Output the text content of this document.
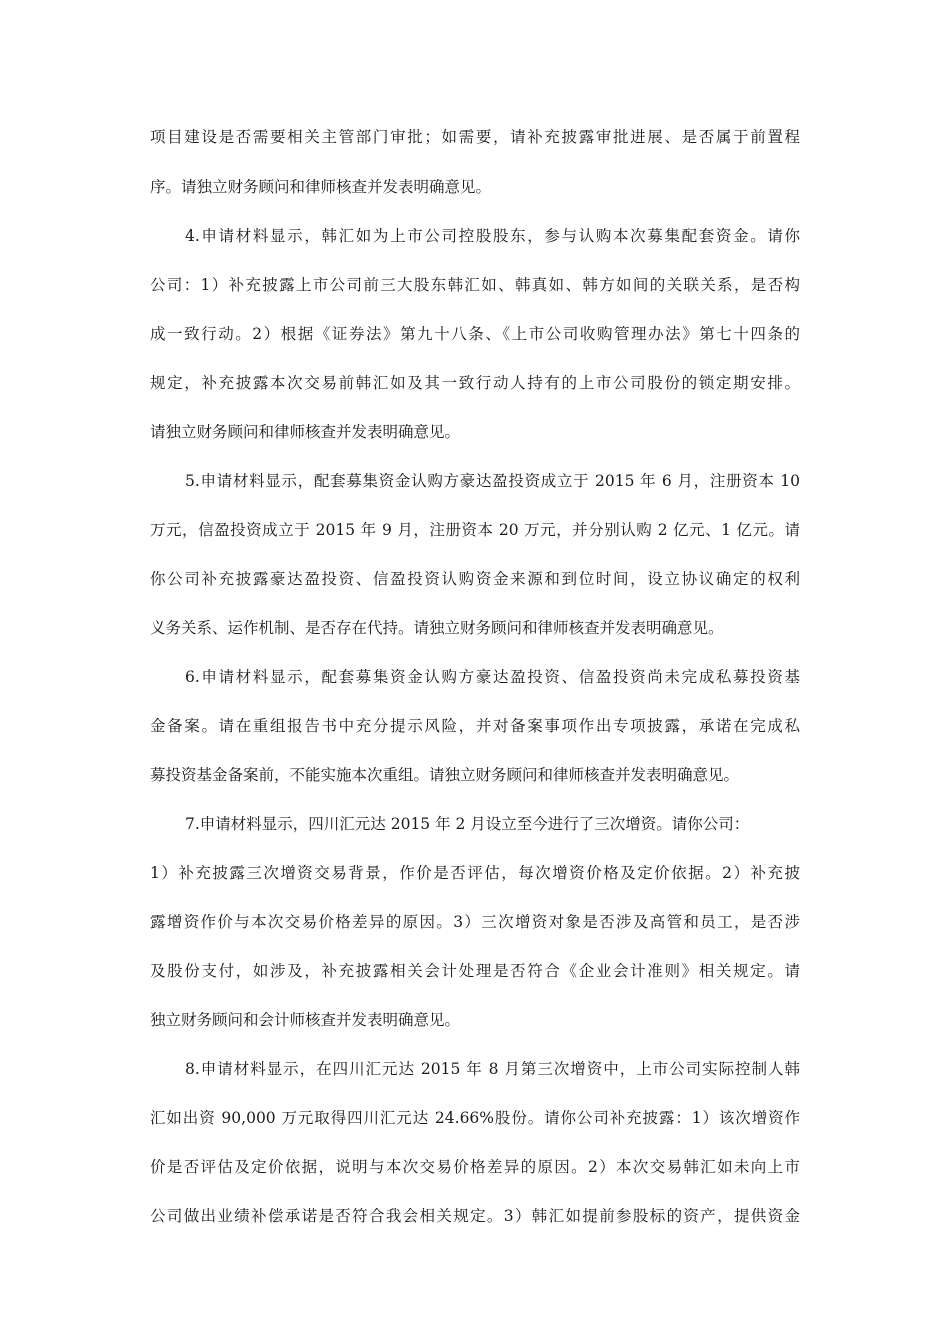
项目建设是否需要相关主管部门审批；如需要，请补充披露审批进展、是否属于前置程
序。请独立财务顾问和律师核查并发表明确意见。
4.申请材料显示，韩汇如为上市公司控股股东，参与认购本次募集配套资金。请你
公司：1）补充披露上市公司前三大股东韩汇如、韩真如、韩方如间的关联关系，是否构
成一致行动。2）根据《证券法》第九十八条、《上市公司收购管理办法》第七十四条的
规定，补充披露本次交易前韩汇如及其一致行动人持有的上市公司股份的锁定期安排。
请独立财务顾问和律师核查并发表明确意见。
5.申请材料显示，配套募集资金认购方豪达盈投资成立于 2015 年 6 月，注册资本 10
万元，信盈投资成立于 2015 年 9 月，注册资本 20 万元，并分别认购 2 亿元、1 亿元。请
你公司补充披露豪达盈投资、信盈投资认购资金来源和到位时间，设立协议确定的权利
义务关系、运作机制、是否存在代持。请独立财务顾问和律师核查并发表明确意见。
6.申请材料显示，配套募集资金认购方豪达盈投资、信盈投资尚未完成私募投资基
金备案。请在重组报告书中充分提示风险，并对备案事项作出专项披露，承诺在完成私
募投资基金备案前，不能实施本次重组。请独立财务顾问和律师核查并发表明确意见。
7.申请材料显示，四川汇元达 2015 年 2 月设立至今进行了三次增资。请你公司：
1）补充披露三次增资交易背景，作价是否评估，每次增资价格及定价依据。2）补充披
露增资作价与本次交易价格差异的原因。3）三次增资对象是否涉及高管和员工，是否涉
及股份支付，如涉及，补充披露相关会计处理是否符合《企业会计准则》相关规定。请
独立财务顾问和会计师核查并发表明确意见。
8.申请材料显示，在四川汇元达 2015 年 8 月第三次增资中，上市公司实际控制人韩
汇如出资 90,000 万元取得四川汇元达 24.66%股份。请你公司补充披露：1）该次增资作
价是否评估及定价依据，说明与本次交易价格差异的原因。2）本次交易韩汇如未向上市
公司做出业绩补偿承诺是否符合我会相关规定。3）韩汇如提前参股标的资产，提供资金
